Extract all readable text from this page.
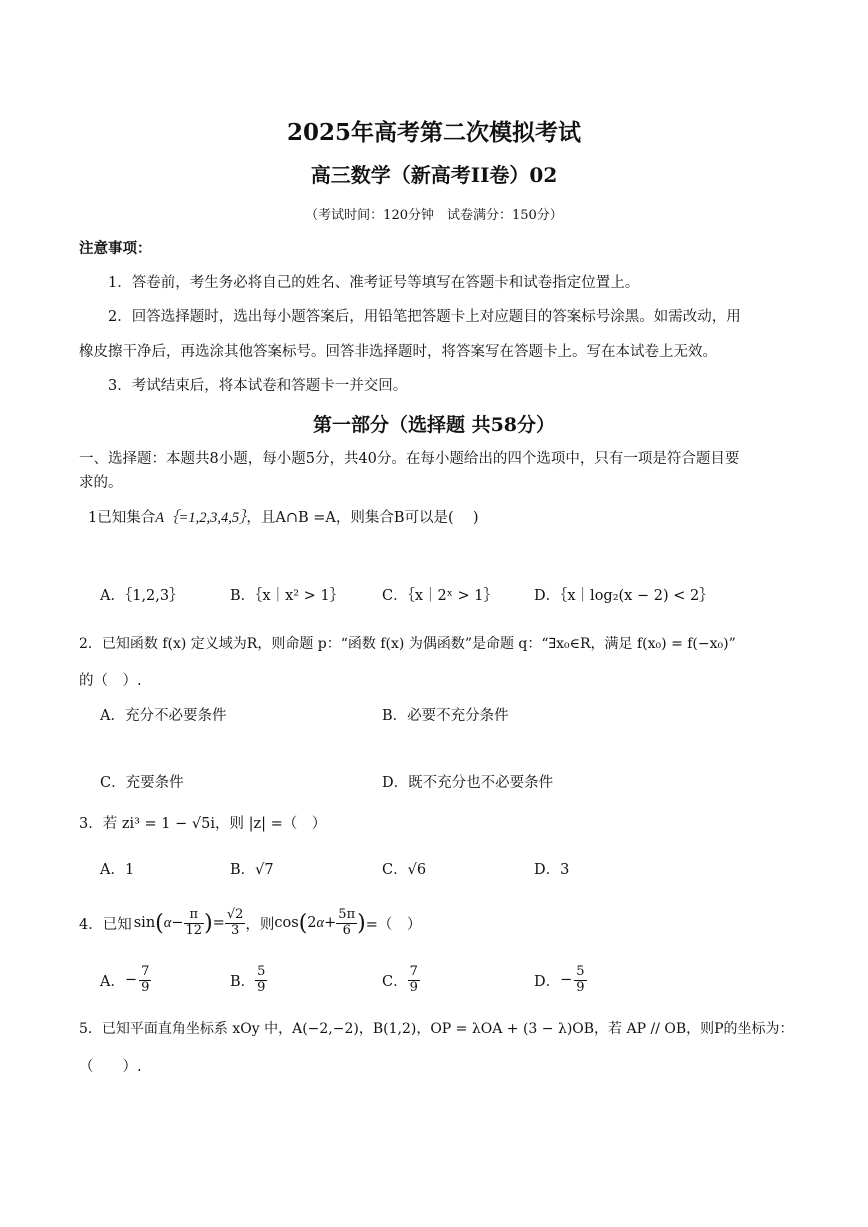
2025年高考第二次模拟考试
高三数学（新高考II卷）02
（考试时间：120分钟　试卷满分：150分）
注意事项：
1．答卷前，考生务必将自己的姓名、准考证号等填写在答题卡和试卷指定位置上。
2．回答选择题时，选出每小题答案后，用铅笔把答题卡上对应题目的答案标号涂黑。如需改动，用
橡皮擦干净后，再选涂其他答案标号。回答非选择题时，将答案写在答题卡上。写在本试卷上无效。
3．考试结束后，将本试卷和答题卡一并交回。
第一部分（选择题 共58分）
一、选择题：本题共8小题，每小题5分，共40分。在每小题给出的四个选项中，只有一项是符合题目要
求的。
1已知集合A｛=1,2,3,4,5｝，且A∩B =A，则集合B可以是(　 )
A．｛1,2,3｝	B．｛x｜x² > 1｝	C．｛x｜2ˣ > 1｝ D．｛x｜log₂(x − 2) < 2｝
2．已知函数 f(x) 定义域为R，则命题 p：“函数 f(x) 为偶函数”是命题 q：“∃x₀∈R，满足 f(x₀) = f(−x₀)”
的（　）.
A．充分不必要条件	B．必要不充分条件
C．充要条件	D．既不充分也不必要条件
3．若 zi³ = 1 − √5i，则 |z| =（　）
A．1	B．√7	C．√6	D．3
4．已知 sin ( $\alpha - \frac{\pi}{12}$ ) = $\frac{√2}{3}$ ，则 cos ( 2 $\alpha + \frac{5\pi}{6}$ ) =（　）
A． − $\frac{7}{9}$	B． $\frac{5}{9}$	C． $\frac{7}{9}$	D． − $\frac{5}{9}$
5．已知平面直角坐标系 xOy 中，A(−2,−2)，B(1,2)，OP = λOA + (3 − λ)OB，若 AP // OB，则P的坐标为：
（　　）.
